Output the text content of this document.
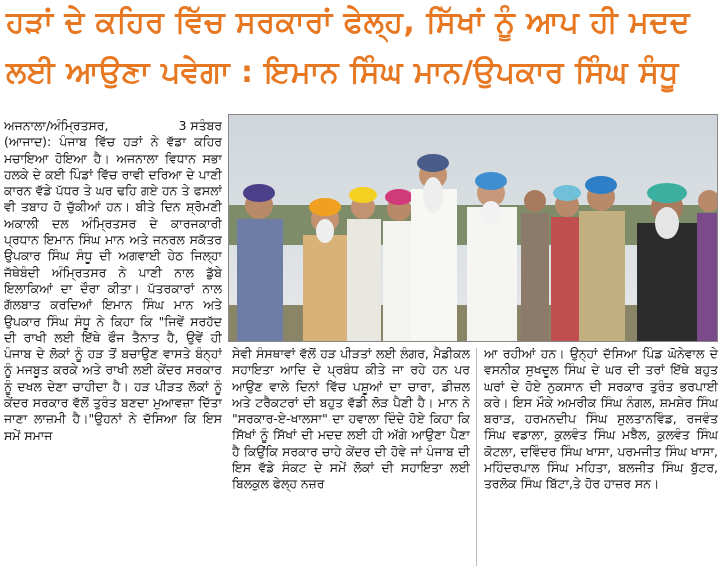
ਹੜਾਂ ਦੇ ਕਹਿਰ ਵਿੱਚ ਸਰਕਾਰਾਂ ਫੇਲ੍ਹ, ਸਿੱਖਾਂ ਨੂੰ ਆਪ ਹੀ ਮਦਦ
ਲਈ ਆਉਣਾ ਪਵੇਗਾ : ਇਮਾਨ ਸਿੰਘ ਮਾਨ/ਉਪਕਾਰ ਸਿੰਘ ਸੰਧੂ
ਅਜਨਾਲਾ/ਅੰਮ੍ਰਿਤਸਰ,	3 ਸਤੰਬਰ
(ਆਜਾਦ): ਪੰਜਾਬ ਵਿੱਚ ਹੜਾਂ ਨੇ ਵੱਡਾ ਕਹਿਰ ਮਚਾਇਆ ਹੋਇਆ ਹੈ। ਅਜਨਾਲਾ ਵਿਧਾਨ ਸਭਾ ਹਲਕੇ ਦੇ ਕਈ ਪਿੰਡਾਂ ਵਿੱਚ ਰਾਵੀ ਦਰਿਆ ਦੇ ਪਾਣੀ ਕਾਰਨ ਵੱਡੇ ਪੱਧਰ ਤੇ ਘਰ ਢਹਿ ਗਏ ਹਨ ਤੇ ਫਸਲਾਂ ਵੀ ਤਬਾਹ ਹੋ ਚੁੱਕੀਆਂ ਹਨ। ਬੀਤੇ ਦਿਨ ਸ਼੍ਰੋਮਣੀ ਅਕਾਲੀ ਦਲ ਅੰਮ੍ਰਿਤਸਰ ਦੇ ਕਾਰਜਕਾਰੀ ਪ੍ਰਧਾਨ ਇਮਾਨ ਸਿੰਘ ਮਾਨ ਅਤੇ ਜਨਰਲ ਸਕੱਤਰ ਉਪਕਾਰ ਸਿੰਘ ਸੰਧੂ ਦੀ ਅਗਵਾਈ ਹੇਠ ਜਿਲ੍ਹਾ ਜੱਥੇਬੰਦੀ ਅੰਮ੍ਰਿਤਸਰ ਨੇ ਪਾਣੀ ਨਾਲ ਡੁੱਬੇ ਇਲਾਕਿਆਂ ਦਾ ਦੌਰਾ ਕੀਤਾ। ਪੱਤਰਕਾਰਾਂ ਨਾਲ ਗੱਲਬਾਤ ਕਰਦਿਆਂ ਇਮਾਨ ਸਿੰਘ ਮਾਨ ਅਤੇ ਉਪਕਾਰ ਸਿੰਘ ਸੰਧੂ ਨੇ ਕਿਹਾ ਕਿ "ਜਿਵੇਂ ਸਰਹੱਦ ਦੀ ਰਾਖੀ ਲਈ ਇੱਥੇ ਫੌਜ ਤੈਨਾਤ ਹੈ, ਉਵੇਂ ਹੀ ਪੰਜਾਬ ਦੇ ਲੋਕਾਂ ਨੂੰ ਹੜ ਤੋਂ ਬਚਾਉਣ ਵਾਸਤੇ ਬੰਨ੍ਹਾਂ ਨੂੰ ਮਜਬੂਤ ਕਰਕੇ ਅਤੇ ਰਾਖੀ ਲਈ ਕੇਂਦਰ ਸਰਕਾਰ ਨੂੰ ਦਖਲ ਦੇਣਾ ਚਾਹੀਦਾ ਹੈ। ਹੜ ਪੀੜਤ ਲੋਕਾਂ ਨੂੰ ਕੇਂਦਰ ਸਰਕਾਰ ਵੱਲੋਂ ਤੁਰੰਤ ਬਣਦਾ ਮੁਆਵਜ਼ਾ ਦਿੱਤਾ ਜਾਣਾ ਲਾਜ਼ਮੀ ਹੈ।"ਉਹਨਾਂ ਨੇ ਦੱਸਿਆ ਕਿ ਇਸ ਸਮੇਂ ਸਮਾਜ
ਸੇਵੀ ਸੰਸਥਾਵਾਂ ਵੱਲੋਂ ਹੜ ਪੀੜਤਾਂ ਲਈ ਲੰਗਰ, ਮੈਡੀਕਲ ਸਹਾਇਤਾ ਆਦਿ ਦੇ ਪ੍ਰਬੰਧ ਕੀਤੇ ਜਾ ਰਹੇ ਹਨ ਪਰ ਆਉਣ ਵਾਲੇ ਦਿਨਾਂ ਵਿੱਚ ਪਸ਼ੂਆਂ ਦਾ ਚਾਰਾ, ਡੀਜ਼ਲ ਅਤੇ ਟਰੈਕਟਰਾਂ ਦੀ ਬਹੁਤ ਵੱਡੀ ਲੋੜ ਪੈਣੀ ਹੈ। ਮਾਨ ਨੇ "ਸਰਕਾਰ-ਏ-ਖਾਲਸਾ" ਦਾ ਹਵਾਲਾ ਦਿੰਦੇ ਹੋਏ ਕਿਹਾ ਕਿ ਸਿੱਖਾਂ ਨੂੰ ਸਿੱਖਾਂ ਦੀ ਮਦਦ ਲਈ ਹੀ ਅੱਗੇ ਆਉਣਾ ਪੈਣਾ ਹੈ ਕਿਉਂਕਿ ਸਰਕਾਰ ਚਾਹੇ ਕੇਂਦਰ ਦੀ ਹੋਵੇ ਜਾਂ ਪੰਜਾਬ ਦੀ ਇਸ ਵੱਡੇ ਸੰਕਟ ਦੇ ਸਮੇਂ ਲੋਕਾਂ ਦੀ ਸਹਾਇਤਾ ਲਈ ਬਿਲਕੁਲ ਫੇਲ੍ਹ ਨਜ਼ਰ
ਆ ਰਹੀਆਂ ਹਨ। ਉਨ੍ਹਾਂ ਦੱਸਿਆ ਪਿੰਡ ਘੋਨੇਵਾਲ ਦੇ ਵਸਨੀਕ ਸੁਖਦੂਲ ਸਿੰਘ ਦੇ ਘਰ ਦੀ ਤਰਾਂ ਇੱਥੇ ਬਹੁਤ ਘਰਾਂ ਦੇ ਹੋਏ ਨੁਕਸਾਨ ਦੀ ਸਰਕਾਰ ਤੁਰੰਤ ਭਰਪਾਈ ਕਰੇ। ਇਸ ਮੌਕੇ ਅਮਰੀਕ ਸਿੰਘ ਨੰਗਲ, ਸ਼ਮਸ਼ੇਰ ਸਿੰਘ ਬਰਾੜ, ਹਰਮਨਦੀਪ ਸਿੰਘ ਸੁਲਤਾਨਵਿੰਡ, ਰਜਵੰਤ ਸਿੰਘ ਵਡਾਲਾ, ਕੁਲਵੰਤ ਸਿੰਘ ਮਝੈਲ, ਕੁਲਵੰਤ ਸਿੰਘ ਕੋਟਲਾ, ਦਵਿੰਦਰ ਸਿੰਘ ਖਾਸਾ, ਪਰਮਜੀਤ ਸਿੰਘ ਖਾਸਾ, ਮਹਿੰਦਰਪਾਲ ਸਿੰਘ ਮਹਿਤਾ, ਬਲਜੀਤ ਸਿੰਘ ਬੁੱਟਰ, ਤਰਲੋਕ ਸਿੰਘ ਬਿੱਟਾ,ਤੇ ਹੋਰ ਹਾਜ਼ਰ ਸਨ।
